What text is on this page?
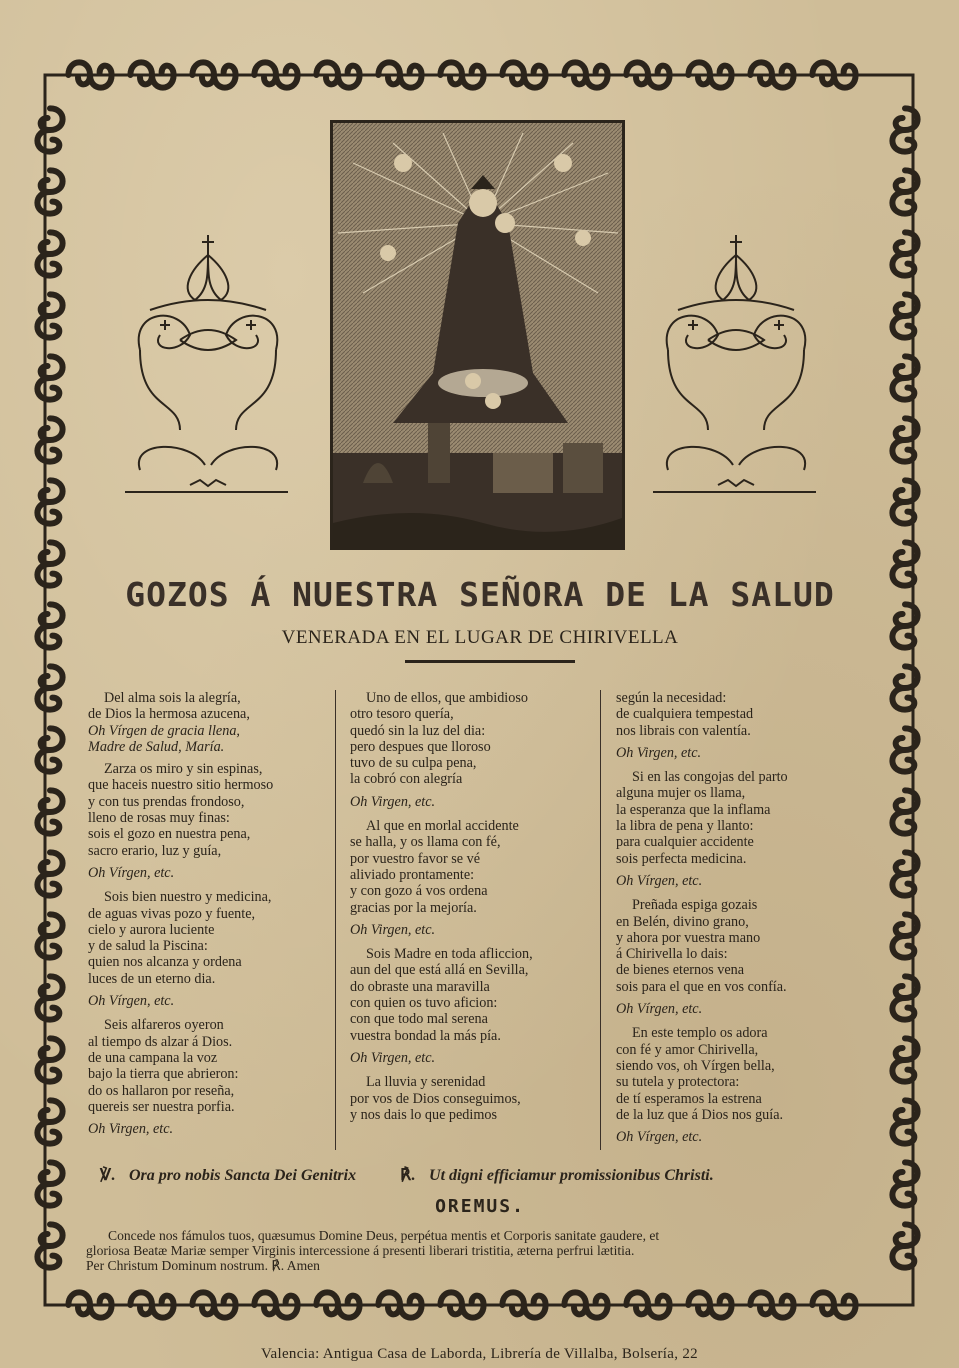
GOZOS Á NUESTRA SEÑORA DE LA SALUD
VENERADA EN EL LUGAR DE CHIRIVELLA
Del alma sois la alegría,
de Dios la hermosa azucena,
Oh Vírgen de gracia llena,
Madre de Salud, María.
Zarza os miro y sin espinas,
que haceis nuestro sitio hermoso
y con tus prendas frondoso,
lleno de rosas muy finas:
sois el gozo en nuestra pena,
sacro erario, luz y guía,
Oh Vírgen, etc.
Sois bien nuestro y medicina,
de aguas vivas pozo y fuente,
cielo y aurora luciente
y de salud la Piscina:
quien nos alcanza y ordena
luces de un eterno dia.
Oh Vírgen, etc.
Seis alfareros oyeron
al tiempo ds alzar á Dios.
de una campana la voz
bajo la tierra que abrieron:
do os hallaron por reseña,
quereis ser nuestra porfia.
Oh Virgen, etc.
Uno de ellos, que ambidioso
otro tesoro quería,
quedó sin la luz del dia:
pero despues que lloroso
tuvo de su culpa pena,
la cobró con alegría
Oh Virgen, etc.
Al que en morlal accidente
se halla, y os llama con fé,
por vuestro favor se vé
aliviado prontamente:
y con gozo á vos ordena
gracias por la mejoría.
Oh Virgen, etc.
Sois Madre en toda afliccion,
aun del que está allá en Sevilla,
do obraste una maravilla
con quien os tuvo aficion:
con que todo mal serena
vuestra bondad la más pía.
Oh Virgen, etc.
La lluvia y serenidad
por vos de Dios conseguimos,
y nos dais lo que pedimos
según la necesidad:
de cualquiera tempestad
nos librais con valentía.
Oh Virgen, etc.
Si en las congojas del parto
alguna mujer os llama,
la esperanza que la inflama
la libra de pena y llanto:
para cualquier accidente
sois perfecta medicina.
Oh Vírgen, etc.
Preñada espiga gozais
en Belén, divino grano,
y ahora por vuestra mano
á Chirivella lo dais:
de bienes eternos vena
sois para el que en vos confía.
Oh Vírgen, etc.
En este templo os adora
con fé y amor Chirivella,
siendo vos, oh Vírgen bella,
su tutela y protectora:
de tí esperamos la estrena
de la luz que á Dios nos guía.
Oh Vírgen, etc.
℣. Ora pro nobis Sancta Dei Genitrix	℟. Ut digni efficiamur promissionibus Christi.
OREMUS.
Concede nos fámulos tuos, quæsumus Domine Deus, perpétua mentis et Corporis sanitate gaudere, et
gloriosa Beatæ Mariæ semper Virginis intercessione á presenti liberari tristitia, æterna perfrui lætitia.
Per Christum Dominum nostrum. ℟. Amen
Valencia: Antigua Casa de Laborda, Librería de Villalba, Bolsería, 22
